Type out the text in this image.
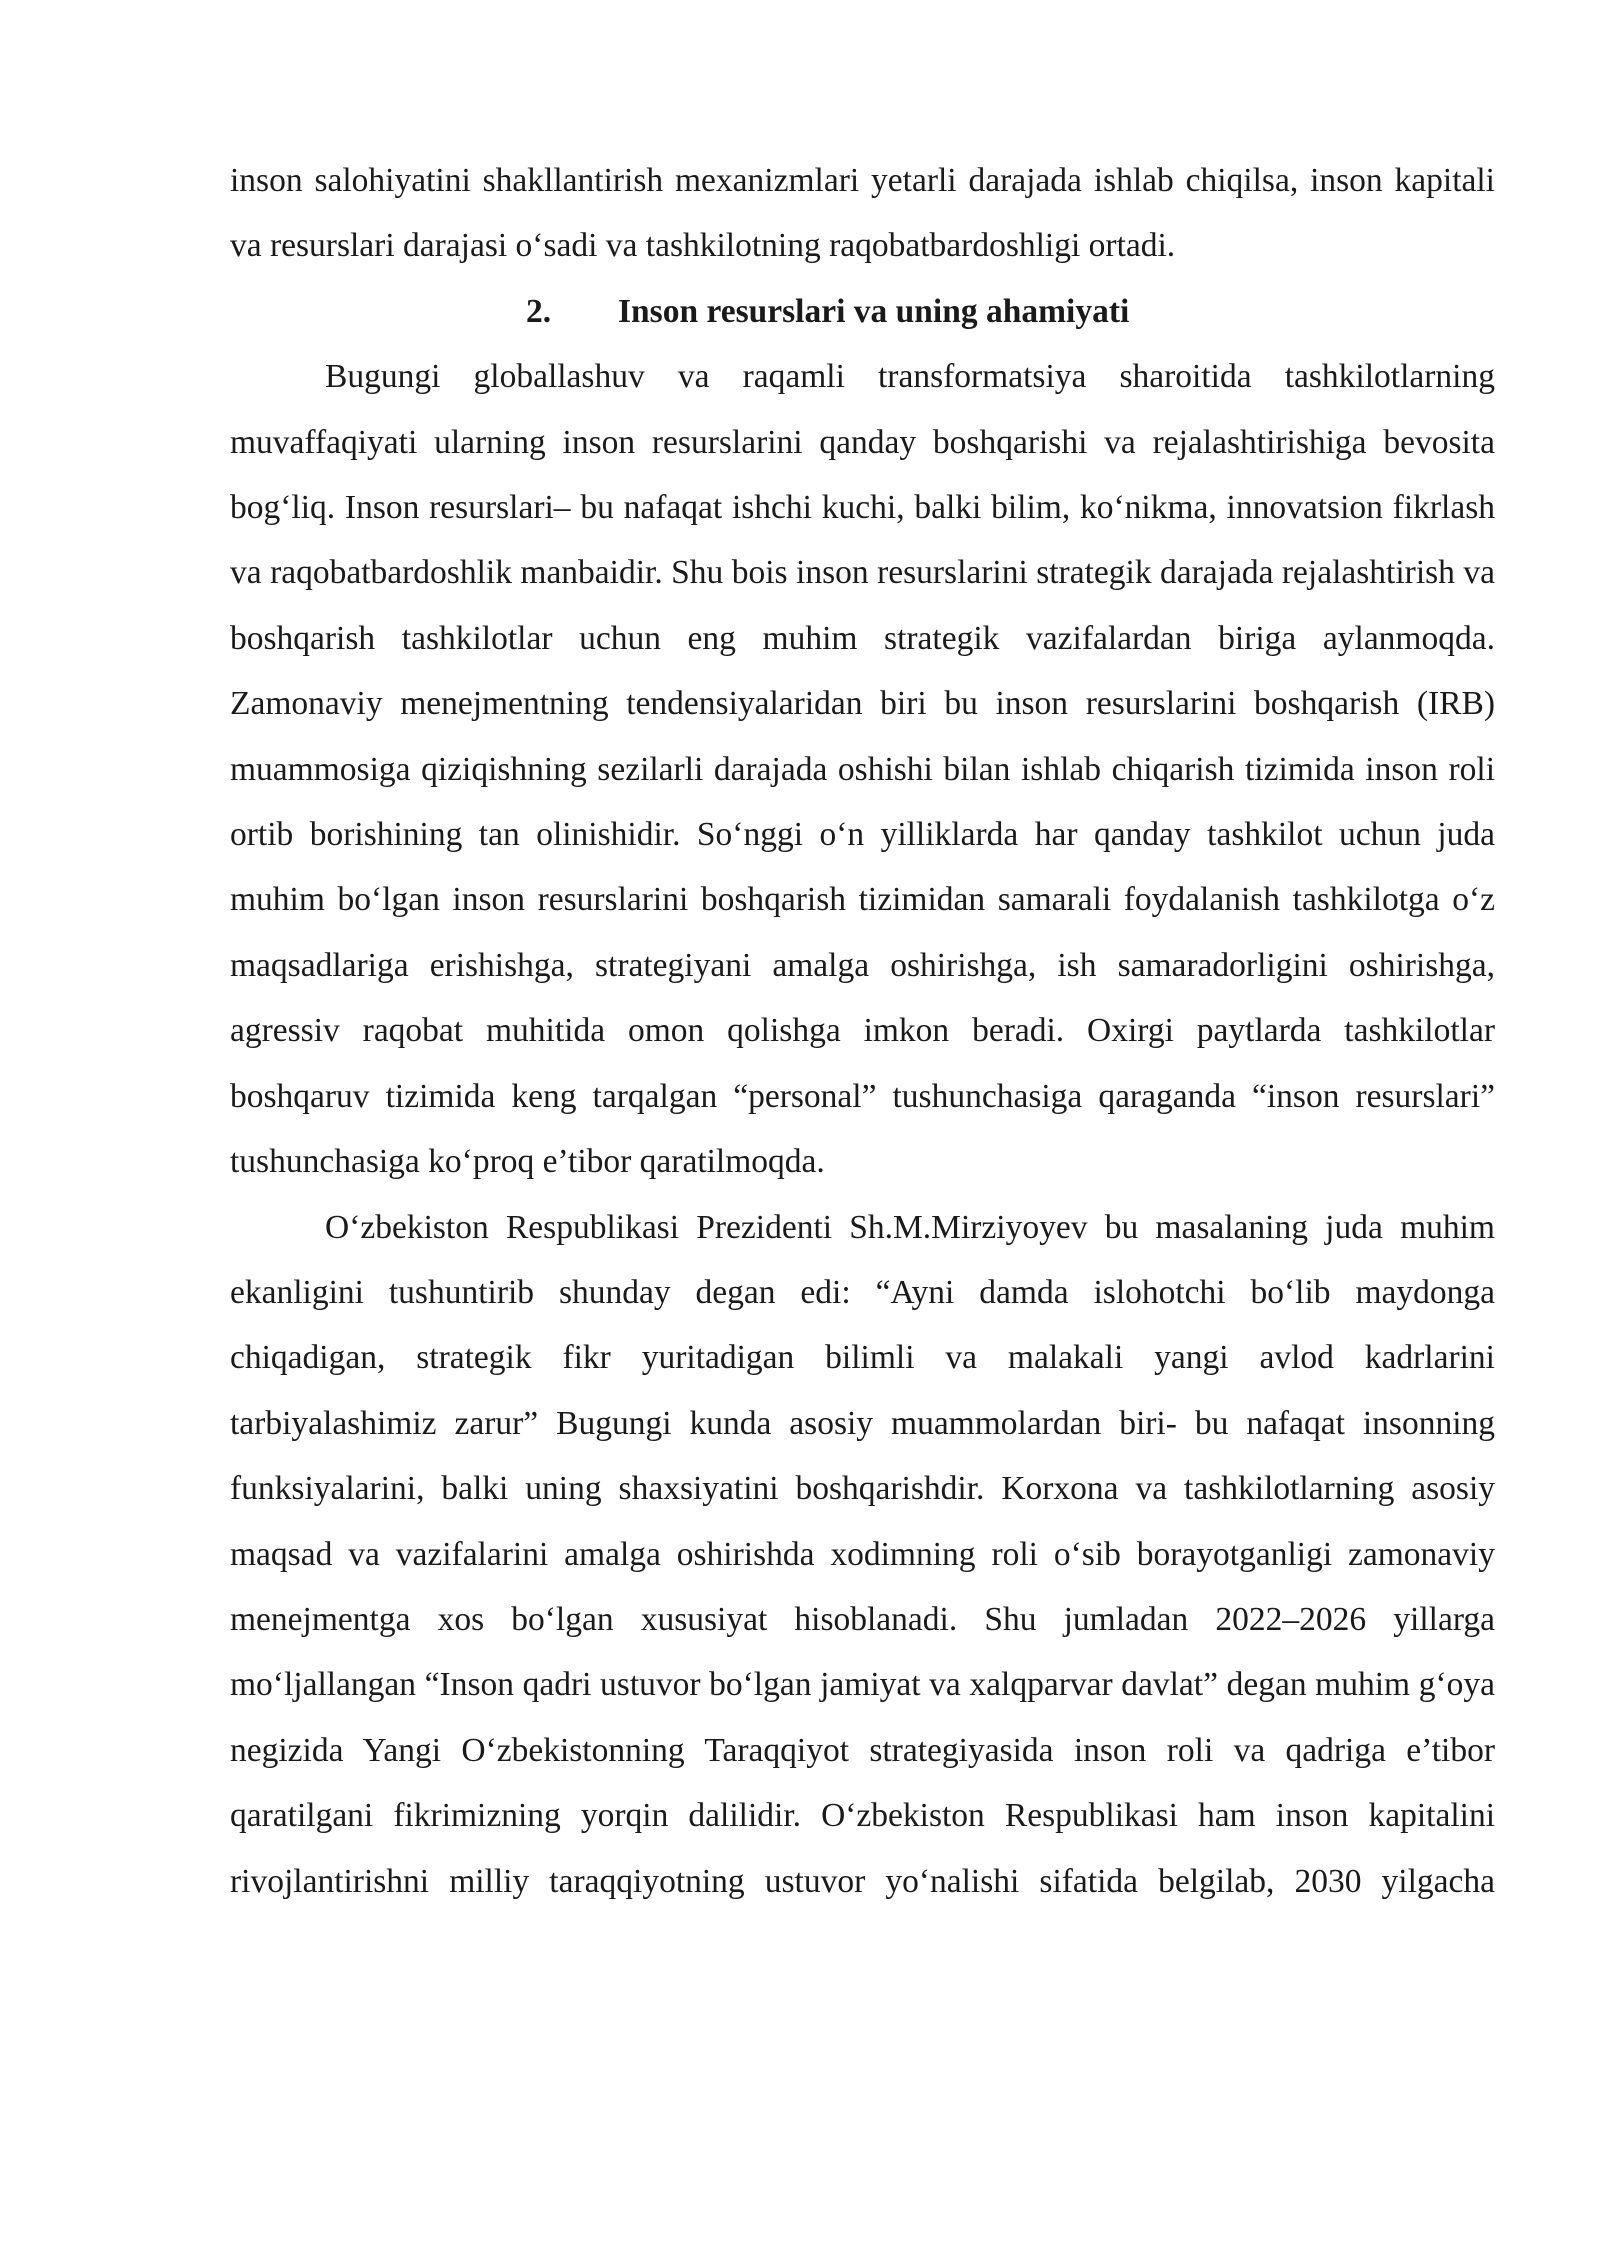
inson salohiyatini shakllantirish mexanizmlari yetarli darajada ishlab chiqilsa, inson kapitali va resurslari darajasi oʻsadi va tashkilotning raqobatbardoshligi ortadi.

2. Inson resurslari va uning ahamiyati

Bugungi globallashuv va raqamli transformatsiya sharoitida tashkilotlarning muvaffaqiyati ularning inson resurslarini qanday boshqarishi va rejalashtirishiga bevosita bogʻliq. Inson resurslari– bu nafaqat ishchi kuchi, balki bilim, koʻnikma, innovatsion fikrlash va raqobatbardoshlik manbaidir. Shu bois inson resurslarini strategik darajada rejalashtirish va boshqarish tashkilotlar uchun eng muhim strategik vazifalardan biriga aylanmoqda. Zamonaviy menejmentning tendensiyalaridan biri bu inson resurslarini boshqarish (IRB) muammosiga qiziqishning sezilarli darajada oshishi bilan ishlab chiqarish tizimida inson roli ortib borishining tan olinishidir. Soʻnggi oʻn yilliklarda har qanday tashkilot uchun juda muhim boʻlgan inson resurslarini boshqarish tizimidan samarali foydalanish tashkilotga oʻz maqsadlariga erishishga, strategiyani amalga oshirishga, ish samaradorligini oshirishga, agressiv raqobat muhitida omon qolishga imkon beradi. Oxirgi paytlarda tashkilotlar boshqaruv tizimida keng tarqalgan “personal” tushunchasiga qaraganda “inson resurslari” tushunchasiga koʻproq e’tibor qaratilmoqda.

Oʻzbekiston Respublikasi Prezidenti Sh.M.Mirziyoyev bu masalaning juda muhim ekanligini tushuntirib shunday degan edi: “Ayni damda islohotchi boʻlib maydonga chiqadigan, strategik fikr yuritadigan bilimli va malakali yangi avlod kadrlarini tarbiyalashimiz zarur” Bugungi kunda asosiy muammolardan biri- bu nafaqat insonning funksiyalarini, balki uning shaxsiyatini boshqarishdir. Korxona va tashkilotlarning asosiy maqsad va vazifalarini amalga oshirishda xodimning roli oʻsib borayotganligi zamonaviy menejmentga xos boʻlgan xususiyat hisoblanadi. Shu jumladan 2022–2026 yillarga moʻljallangan “Inson qadri ustuvor boʻlgan jamiyat va xalqparvar davlat” degan muhim gʻoya negizida Yangi Oʻzbekistonning Taraqqiyot strategiyasida inson roli va qadriga e’tibor qaratilgani fikrimizning yorqin dalilidir. Oʻzbekiston Respublikasi ham inson kapitalini rivojlantirishni milliy taraqqiyotning ustuvor yoʻnalishi sifatida belgilab, 2030 yilgacha
